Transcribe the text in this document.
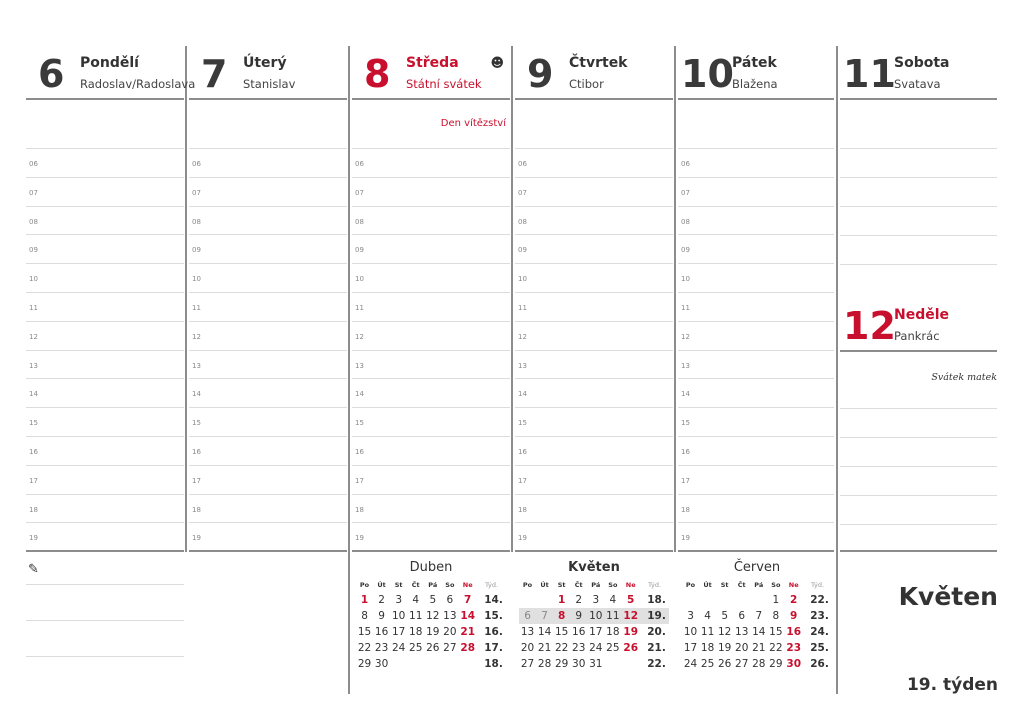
6 Pondělí
Radoslav/Radoslava
06
07
08
09
10
11
12
13
14
15
16
17
18
19
7 Úterý
Stanislav
06
07
08
09
10
11
12
13
14
15
16
17
18
19
8 Středa
Státní svátek
☻
Den vítězství
06
07
08
09
10
11
12
13
14
15
16
17
18
19
9 Čtvrtek
Ctibor
06
07
08
09
10
11
12
13
14
15
16
17
18
19
10
Pátek
Blažena
06
07
08
09
10
11
12
13
14
15
16
17
18
19
11
Sobota
Svatava
12
Neděle
Pankrác
Svátek matek
✎	Duben
Po	Út	St	Čt	Pá	So	Ne	Týd.
1	2	3	4	5	6	7	14.
8	9	10	11	12	13	14	15.
15	16	17	18	19	20	21	16.
22	23	24	25	26	27	28	17.
29	30						18.
Květen
Po	Út	St	Čt	Pá	So	Ne	Týd.
		1	2	3	4	5	18.
6	7	8	9	10	11	12	19.
13	14	15	16	17	18	19	20.
20	21	22	23	24	25	26	21.
27	28	29	30	31			22.
Červen
Po	Út	St	Čt	Pá	So	Ne	Týd.
					1	2	22.
3	4	5	6	7	8	9	23.
10	11	12	13	14	15	16	24.
17	18	19	20	21	22	23	25.
24	25	26	27	28	29	30	26.
Květen
19. týden
